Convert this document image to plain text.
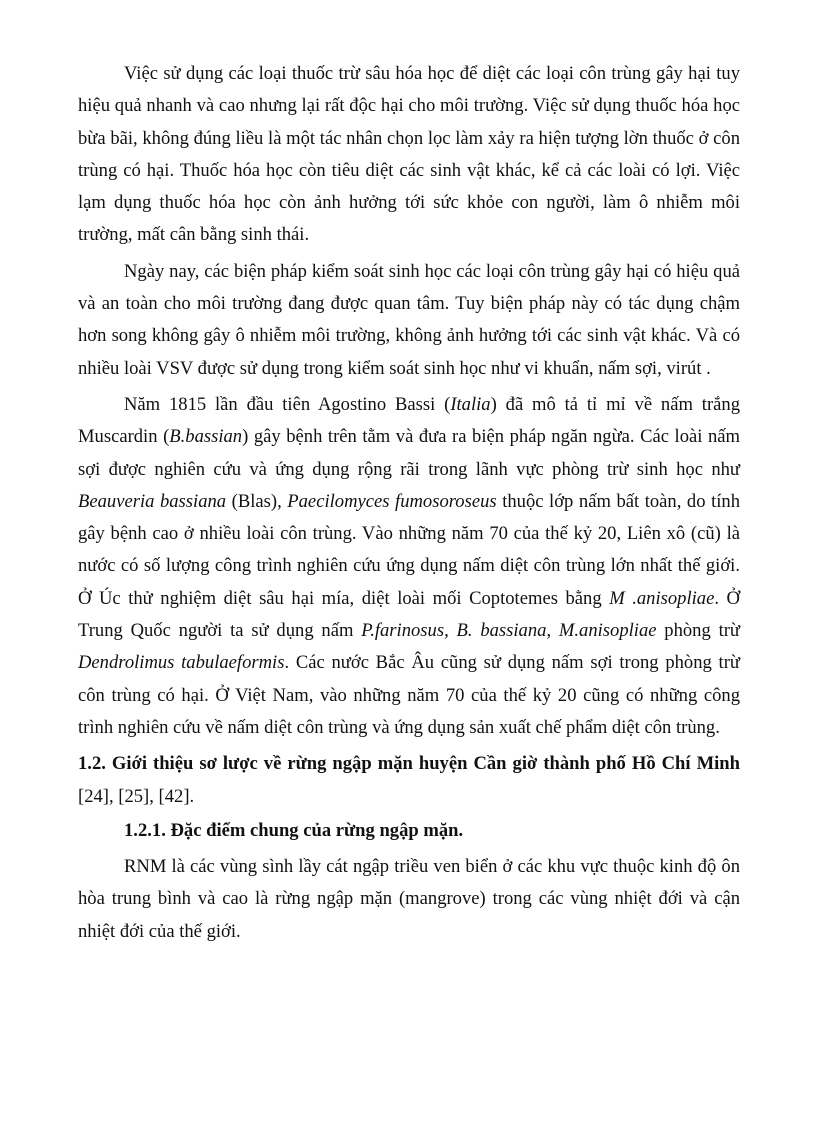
Việc sử dụng các loại thuốc trừ sâu hóa học để diệt các loại côn trùng gây hại tuy hiệu quả nhanh và cao nhưng lại rất độc hại cho môi trường. Việc sử dụng thuốc hóa học bừa bãi, không đúng liều là một tác nhân chọn lọc làm xảy ra hiện tượng lờn thuốc ở côn trùng có hại. Thuốc hóa học còn tiêu diệt các sinh vật khác, kể cả các loài có lợi. Việc lạm dụng thuốc hóa học còn ảnh hưởng tới sức khỏe con người, làm ô nhiễm môi trường, mất cân bằng sinh thái.

Ngày nay, các biện pháp kiểm soát sinh học các loại côn trùng gây hại có hiệu quả và an toàn cho môi trường đang được quan tâm. Tuy biện pháp này có tác dụng chậm hơn song không gây ô nhiễm môi trường, không ảnh hưởng tới các sinh vật khác. Và có nhiều loài VSV được sử dụng trong kiểm soát sinh học như vi khuẩn, nấm sợi, virút .

Năm 1815 lần đầu tiên Agostino Bassi (Italia) đã mô tả tỉ mỉ về nấm trắng Muscardin (B.bassian) gây bệnh trên tằm và đưa ra biện pháp ngăn ngừa. Các loài nấm sợi được nghiên cứu và ứng dụng rộng rãi trong lãnh vực phòng trừ sinh học như Beauveria bassiana (Blas), Paecilomyces fumosoroseus thuộc lớp nấm bất toàn, do tính gây bệnh cao ở nhiều loài côn trùng. Vào những năm 70 của thế kỷ 20, Liên xô (cũ) là nước có số lượng công trình nghiên cứu ứng dụng nấm diệt côn trùng lớn nhất thế giới. Ở Úc thử nghiệm diệt sâu hại mía, diệt loài mối Coptotemes bằng M .anisopliae. Ở Trung Quốc người ta sử dụng nấm P.farinosus, B. bassiana, M.anisopliae phòng trừ Dendrolimus tabulaeformis. Các nước Bắc Âu cũng sử dụng nấm sợi trong phòng trừ côn trùng có hại. Ở Việt Nam, vào những năm 70 của thế kỷ 20 cũng có những công trình nghiên cứu về nấm diệt côn trùng và ứng dụng sản xuất chế phẩm diệt côn trùng.

1.2. Giới thiệu sơ lược về rừng ngập mặn huyện Cần giờ thành phố Hồ Chí Minh [24], [25], [42].

1.2.1. Đặc điểm chung của rừng ngập mặn.

RNM là các vùng sình lầy cát ngập triều ven biển ở các khu vực thuộc kinh độ ôn hòa trung bình và cao là rừng ngập mặn (mangrove) trong các vùng nhiệt đới và cận nhiệt đới của thế giới.
